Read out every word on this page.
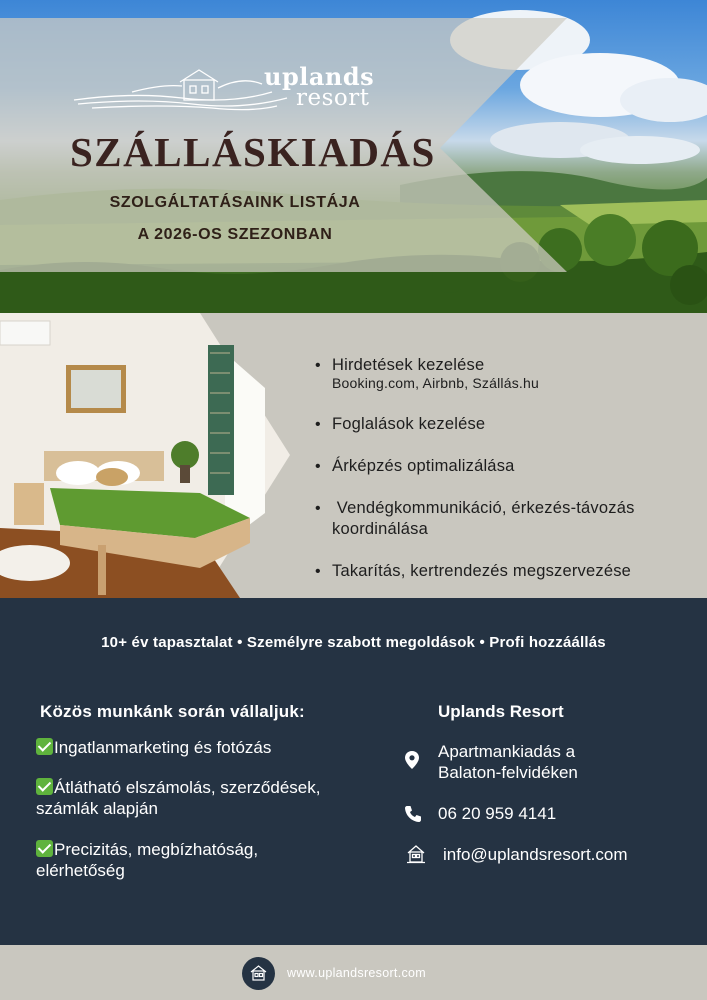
uplands
resort
SZÁLLÁSKIADÁS
SZOLGÁLTATÁSAINK LISTÁJA
A 2026-OS SZEZONBAN
• Hirdetések kezelése
Booking.com, Airbnb, Szállás.hu
• Foglalások kezelése
• Árképzés optimalizálása
• Vendégkommunikáció, érkezés-távozás koordinálása
• Takarítás, kertrendezés megszervezése
10+ év tapasztalat • Személyre szabott megoldások • Profi hozzáállás
Közös munkánk során vállaljuk:
Ingatlanmarketing és fotózás
Átlátható elszámolás, szerződések, számlák alapján
Precizitás, megbízhatóság, elérhetőség
Uplands Resort
Apartmankiadás a Balaton-felvidéken
06 20 959 4141
info@uplandsresort.com
www.uplandsresort.com
